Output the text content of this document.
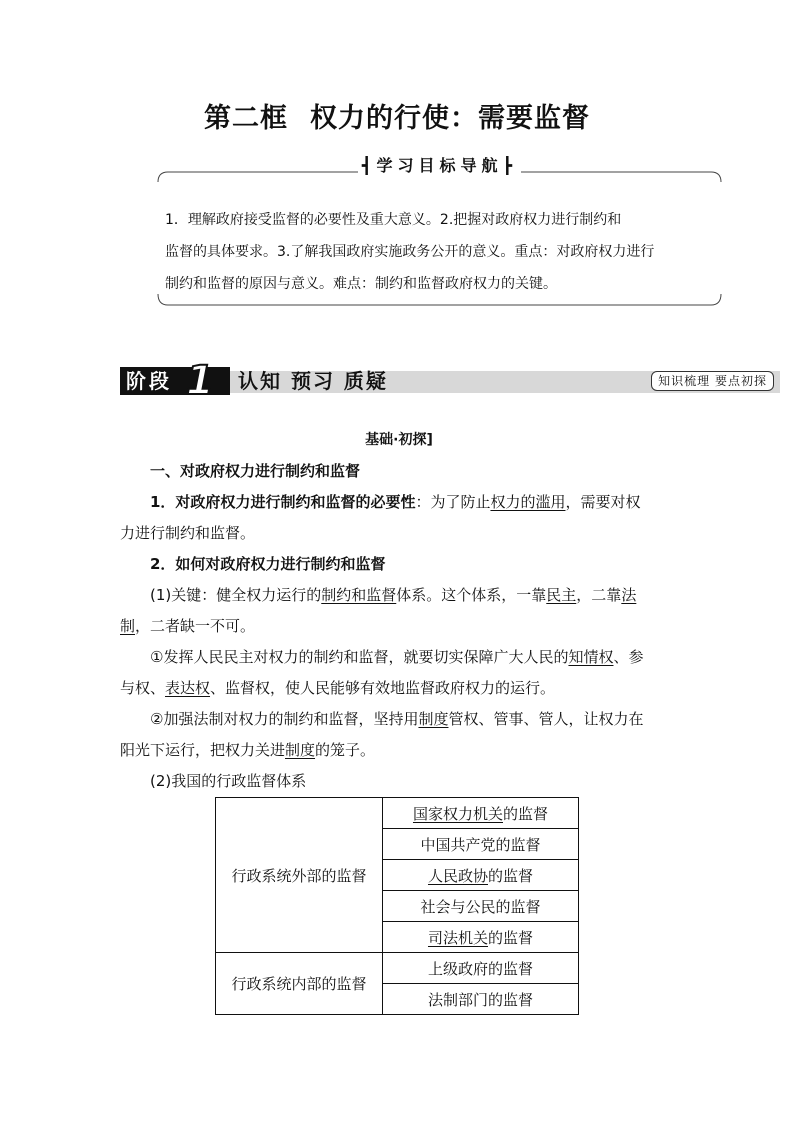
第二框 权力的行使：需要监督
┫学习目标导航┣

1．理解政府接受监督的必要性及重大意义。2.把握对政府权力进行制约和

监督的具体要求。3.了解我国政府实施政务公开的意义。重点：对政府权力进行

制约和监督的原因与意义。难点：制约和监督政府权力的关键。

阶段 1 认知 预习 质疑	知识梳理 要点初探

基础·初探]

一、对政府权力进行制约和监督

1．对政府权力进行制约和监督的必要性：为了防止权力的滥用，需要对权

力进行制约和监督。

2．如何对政府权力进行制约和监督

(1)关键：健全权力运行的制约和监督体系。这个体系，一靠民主，二靠法

制，二者缺一不可。

①发挥人民民主对权力的制约和监督，就要切实保障广大人民的知情权、参

与权、表达权、监督权，使人民能够有效地监督政府权力的运行。

②加强法制对权力的制约和监督，坚持用制度管权、管事、管人，让权力在

阳光下运行，把权力关进制度的笼子。

(2)我国的行政监督体系

行政系统外部的监督	国家权力机关的监督
	中国共产党的监督
	人民政协的监督
	社会与公民的监督
	司法机关的监督
行政系统内部的监督	上级政府的监督
	法制部门的监督
